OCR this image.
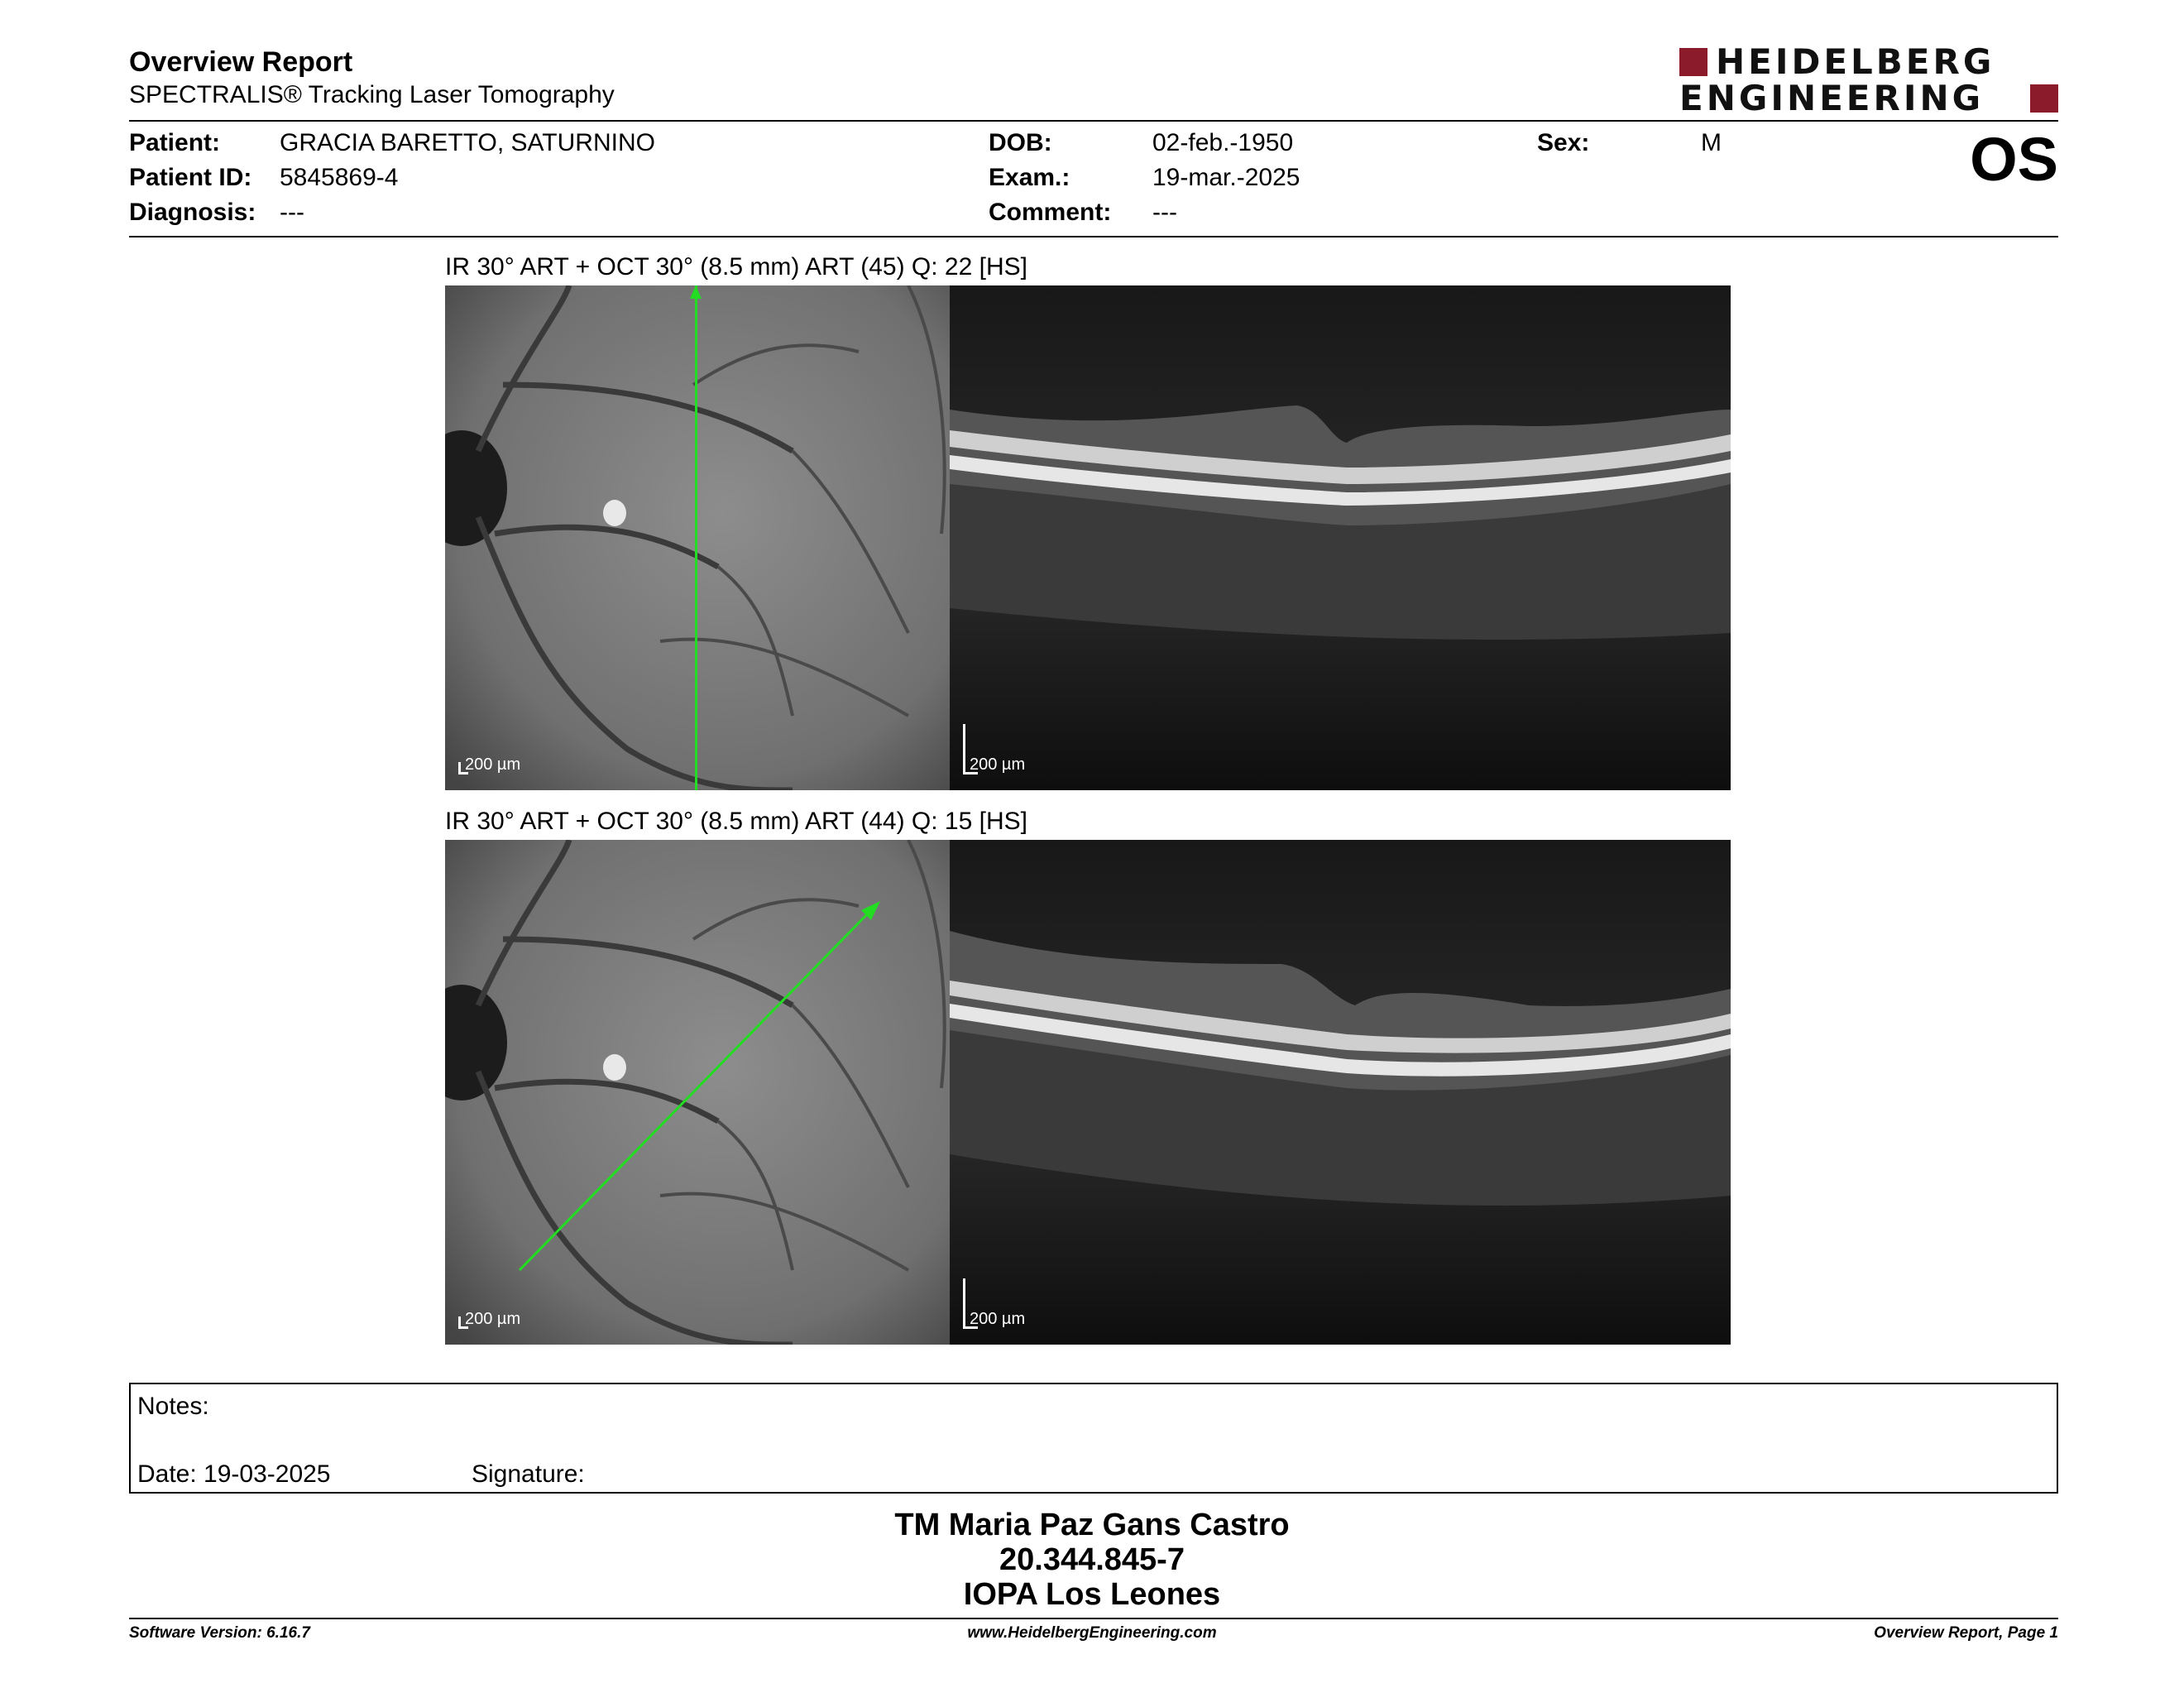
Overview Report
SPECTRALIS® Tracking Laser Tomography
HEIDELBERG
ENGINEERING
Patient: GRACIA BARETTO, SATURNINO
Patient ID: 5845869-4
Diagnosis: ---
DOB:	02-feb.-1950
Exam.:	19-mar.-2025
Comment: ---
Sex:	M	OS
IR 30° ART + OCT 30° (8.5 mm) ART (45) Q: 22 [HS]
200 µm	200 µm
IR 30° ART + OCT 30° (8.5 mm) ART (44) Q: 15 [HS]
200 µm	200 µm
Notes:
Date: 19-03-2025	Signature:
TM Maria Paz Gans Castro
20.344.845-7
IOPA Los Leones
Software Version: 6.16.7	www.HeidelbergEngineering.com	Overview Report, Page 1
